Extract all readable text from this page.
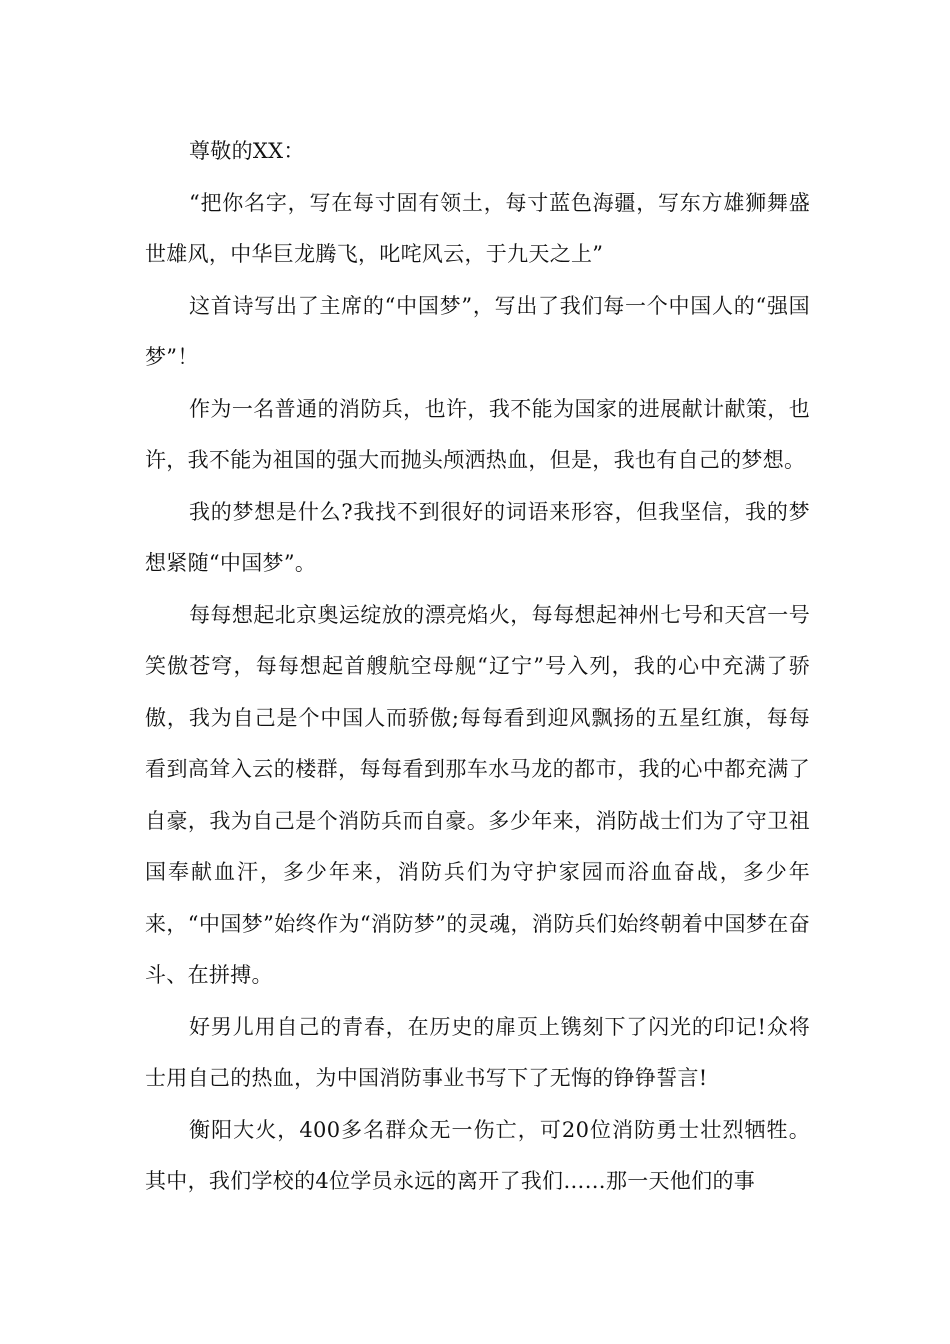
尊敬的XX：

“把你名字，写在每寸固有领土，每寸蓝色海疆，写东方雄狮舞盛世雄风，中华巨龙腾飞，叱咤风云，于九天之上”

这首诗写出了主席的“中国梦”，写出了我们每一个中国人的“强国梦”！

作为一名普通的消防兵，也许，我不能为国家的进展献计献策，也许，我不能为祖国的强大而抛头颅洒热血，但是，我也有自己的梦想。

我的梦想是什么?我找不到很好的词语来形容，但我坚信，我的梦想紧随“中国梦”。

每每想起北京奥运绽放的漂亮焰火，每每想起神州七号和天宫一号笑傲苍穹，每每想起首艘航空母舰“辽宁”号入列，我的心中充满了骄傲，我为自己是个中国人而骄傲;每每看到迎风飘扬的五星红旗，每每看到高耸入云的楼群，每每看到那车水马龙的都市，我的心中都充满了自豪，我为自己是个消防兵而自豪。多少年来，消防战士们为了守卫祖国奉献血汗，多少年来，消防兵们为守护家园而浴血奋战，多少年来，“中国梦”始终作为“消防梦”的灵魂，消防兵们始终朝着中国梦在奋斗、在拼搏。

好男儿用自己的青春，在历史的扉页上镌刻下了闪光的印记!众将士用自己的热血，为中国消防事业书写下了无悔的铮铮誓言!

衡阳大火，400多名群众无一伤亡，可20位消防勇士壮烈牺牲。其中，我们学校的4位学员永远的离开了我们……那一天他们的事
